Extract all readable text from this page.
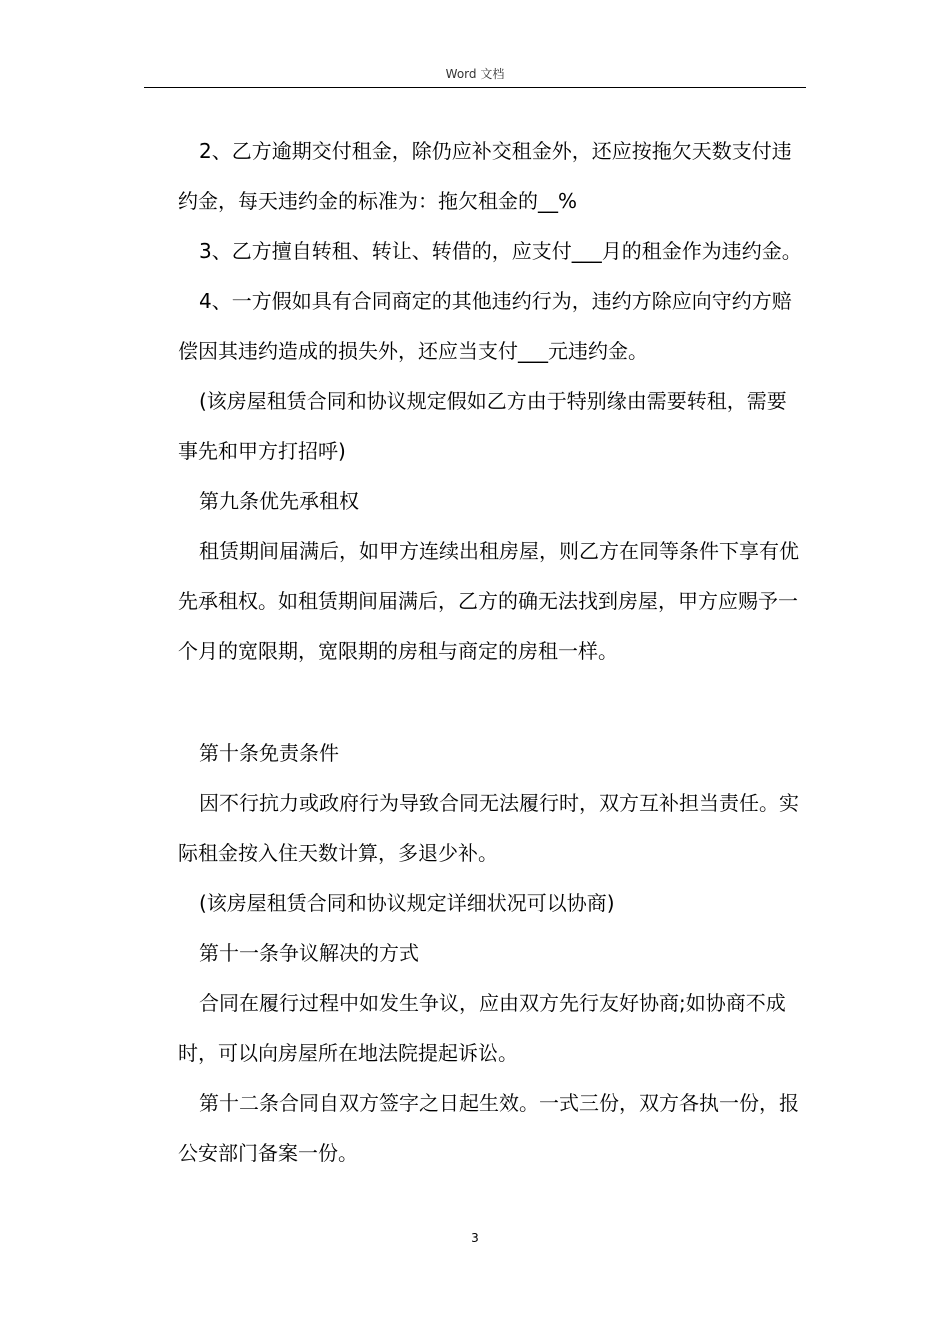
Word 文档

2、乙方逾期交付租金，除仍应补交租金外，还应按拖欠天数支付违约金，每天违约金的标准为：拖欠租金的__%

3、乙方擅自转租、转让、转借的，应支付___月的租金作为违约金。

4、一方假如具有合同商定的其他违约行为，违约方除应向守约方赔偿因其违约造成的损失外，还应当支付___元违约金。

(该房屋租赁合同和协议规定假如乙方由于特别缘由需要转租，需要事先和甲方打招呼)

第九条优先承租权

租赁期间届满后，如甲方连续出租房屋，则乙方在同等条件下享有优先承租权。如租赁期间届满后，乙方的确无法找到房屋，甲方应赐予一个月的宽限期，宽限期的房租与商定的房租一样。

第十条免责条件

因不行抗力或政府行为导致合同无法履行时，双方互补担当责任。实际租金按入住天数计算，多退少补。

(该房屋租赁合同和协议规定详细状况可以协商)

第十一条争议解决的方式

合同在履行过程中如发生争议，应由双方先行友好协商;如协商不成时，可以向房屋所在地法院提起诉讼。

第十二条合同自双方签字之日起生效。一式三份，双方各执一份，报公安部门备案一份。

3
